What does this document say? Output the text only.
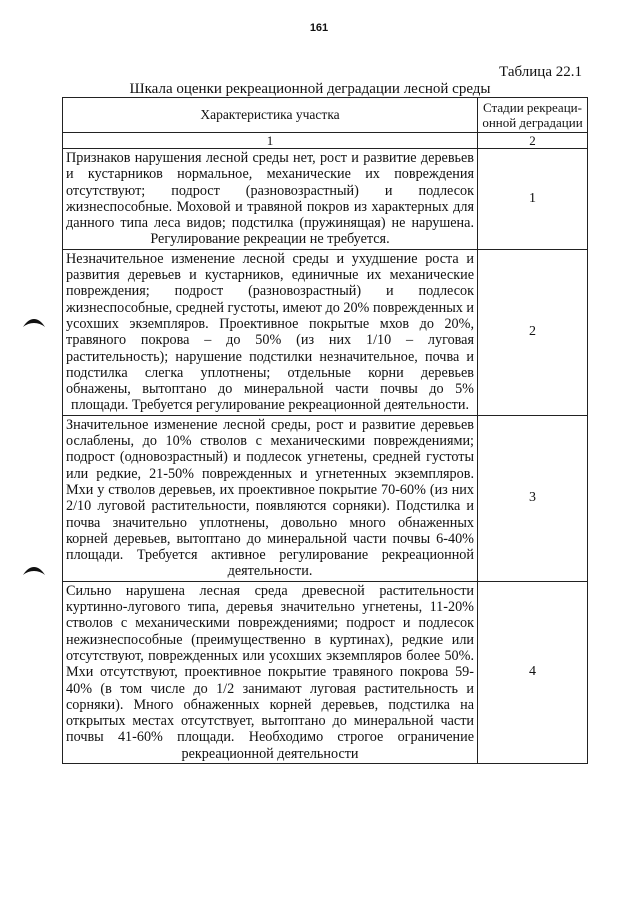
161
Таблица 22.1
Шкала оценки рекреационной деградации лесной среды
Характеристика участка	Стадии рекреаци-онной деградации
1	2
Признаков нарушения лесной среды нет, рост и развитие деревьев и кустарников нормальное, механические их повреждения отсутствуют; подрост (разновозрастный) и подлесок жизнеспособные. Моховой и травяной покров из характерных для данного типа леса видов; подстилка (пружинящая) не нарушена. Регулирование рекреации не требуется.	1
Незначительное изменение лесной среды и ухудшение роста и развития деревьев и кустарников, единичные их механические повреждения; подрост (разновозрастный) и подлесок жизнеспособные, средней густоты, имеют до 20% поврежденных и усохших экземпляров. Проективное покрытые мхов до 20%, травяного покрова – до 50% (из них 1/10 – луговая растительность); нарушение подстилки незначительное, почва и подстилка слегка уплотнены; отдельные корни деревьев обнажены, вытоптано до минеральной части почвы до 5% площади. Требуется регулирование рекреационной деятельности.	2
Значительное изменение лесной среды, рост и развитие деревьев ослаблены, до 10% стволов с механическими повреждениями; подрост (одновозрастный) и подлесок угнетены, средней густоты или редкие, 21-50% поврежденных и угнетенных экземпляров. Мхи у стволов деревьев, их проективное покрытие 70-60% (из них 2/10 луговой растительности, появляются сорняки). Подстилка и почва значительно уплотнены, довольно много обнаженных корней деревьев, вытоптано до минеральной части почвы 6-40% площади. Требуется активное регулирование рекреационной деятельности.	3
Сильно нарушена лесная среда древесной растительности куртинно-лугового типа, деревья значительно угнетены, 11-20% стволов с механическими повреждениями; подрост и подлесок нежизнеспособные (преимущественно в куртинах), редкие или отсутствуют, поврежденных или усохших экземпляров более 50%. Мхи отсутствуют, проективное покрытие травяного покрова 59-40% (в том числе до 1/2 занимают луговая растительность и сорняки). Много обнаженных корней деревьев, подстилка на открытых местах отсутствует, вытоптано до минеральной части почвы 41-60% площади. Необходимо строгое ограничение рекреационной деятельности	4
